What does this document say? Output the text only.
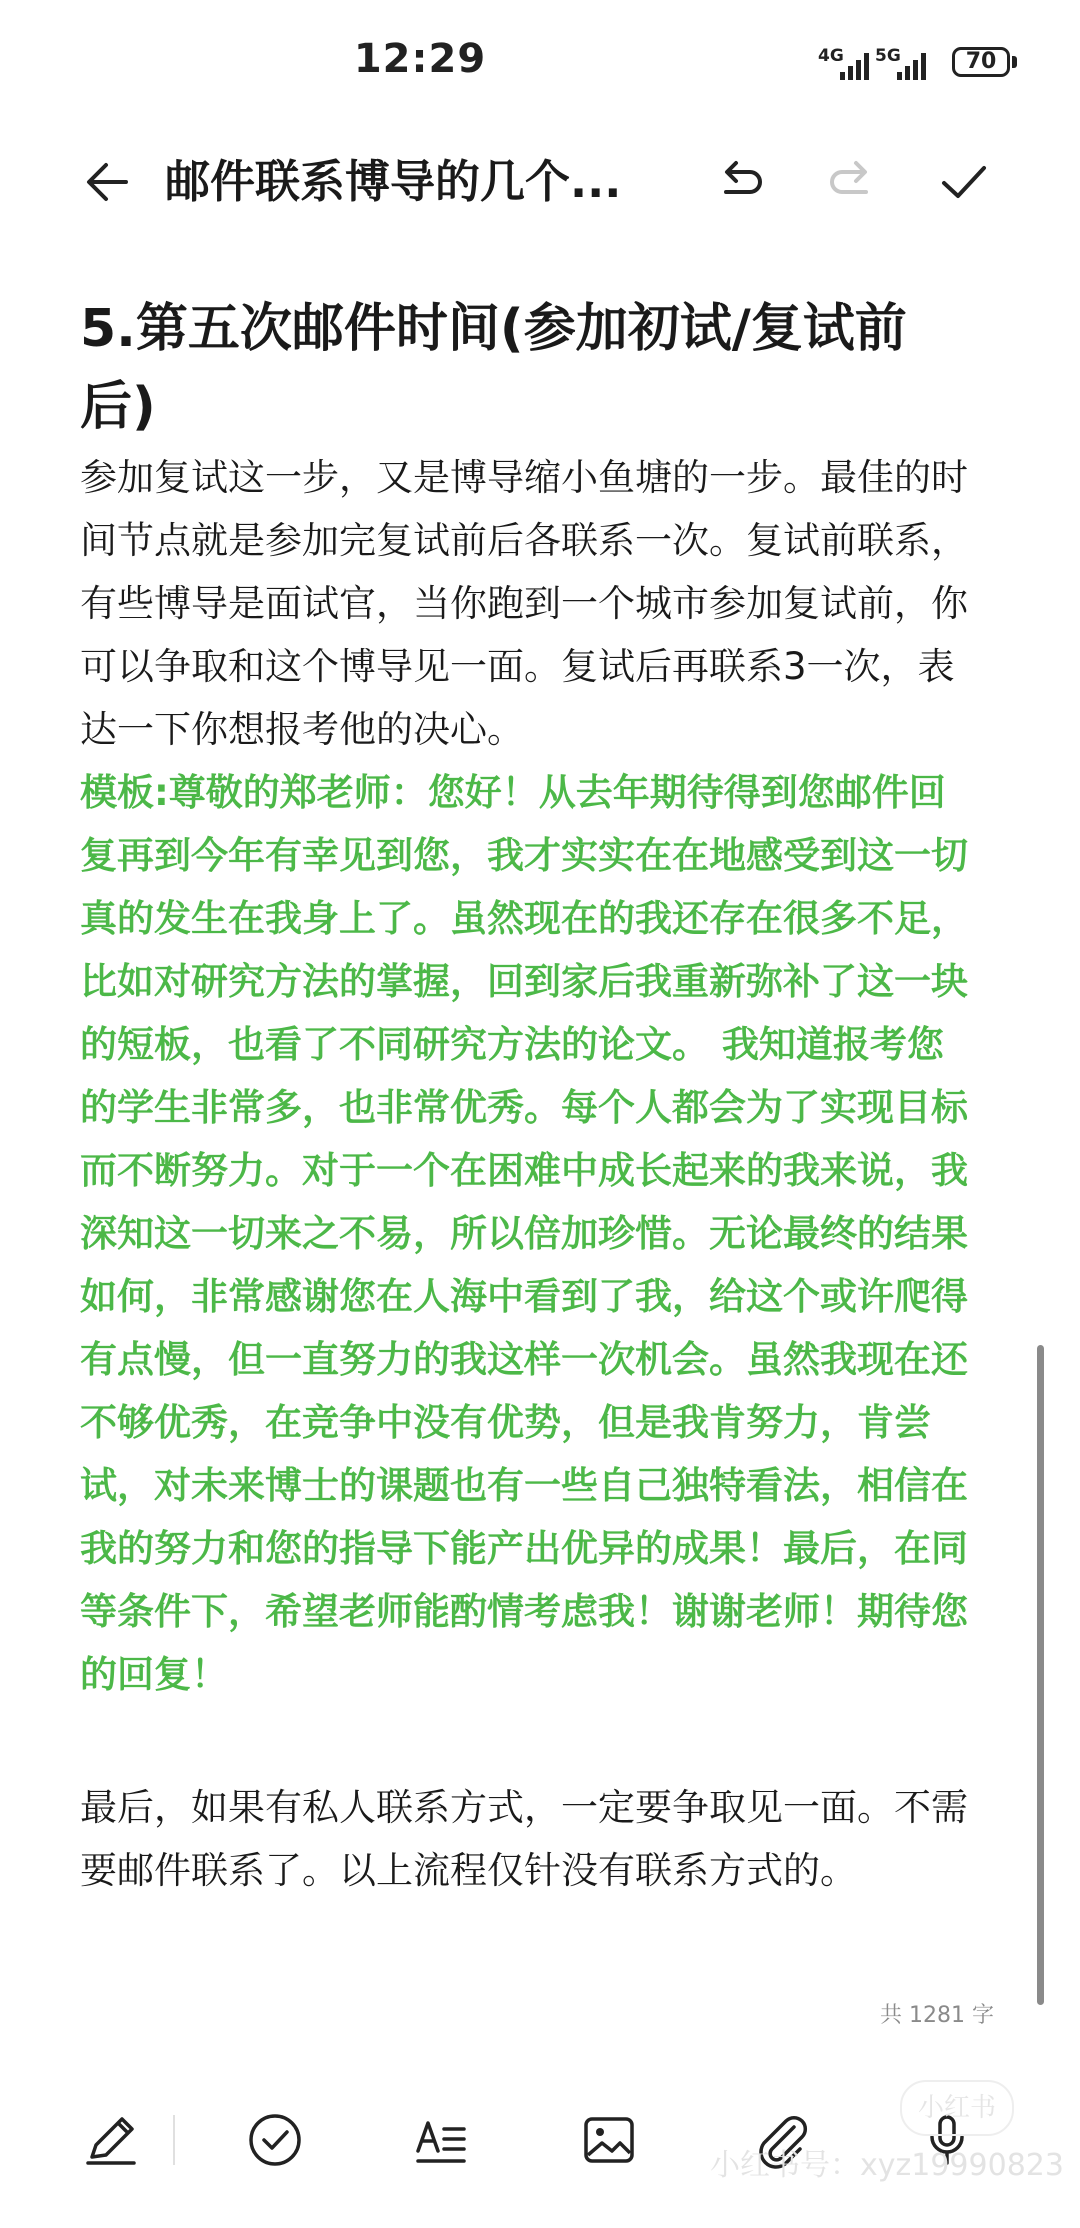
12:29	4G 5G	70
邮件联系博导的几个...

5.第五次邮件时间(参加初试/复试前后)

参加复试这一步，又是博导缩小鱼塘的一步。最佳的时间节点就是参加完复试前后各联系一次。复试前联系，有些博导是面试官，当你跑到一个城市参加复试前，你可以争取和这个博导见一面。复试后再联系3一次，表达一下你想报考他的决心。

模板:尊敬的郑老师：您好！从去年期待得到您邮件回复再到今年有幸见到您，我才实实在在地感受到这一切真的发生在我身上了。虽然现在的我还存在很多不足，比如对研究方法的掌握，回到家后我重新弥补了这一块的短板，也看了不同研究方法的论文。 我知道报考您的学生非常多，也非常优秀。每个人都会为了实现目标而不断努力。对于一个在困难中成长起来的我来说，我深知这一切来之不易，所以倍加珍惜。无论最终的结果如何，非常感谢您在人海中看到了我，给这个或许爬得有点慢，但一直努力的我这样一次机会。虽然我现在还不够优秀，在竞争中没有优势，但是我肯努力，肯尝试，对未来博士的课题也有一些自己独特看法，相信在我的努力和您的指导下能产出优异的成果！最后，在同等条件下，希望老师能酌情考虑我！谢谢老师！期待您的回复！

最后，如果有私人联系方式，一定要争取见一面。不需要邮件联系了。以上流程仅针没有联系方式的。

共 1281 字
小红书
小红书号：xyz19990823
